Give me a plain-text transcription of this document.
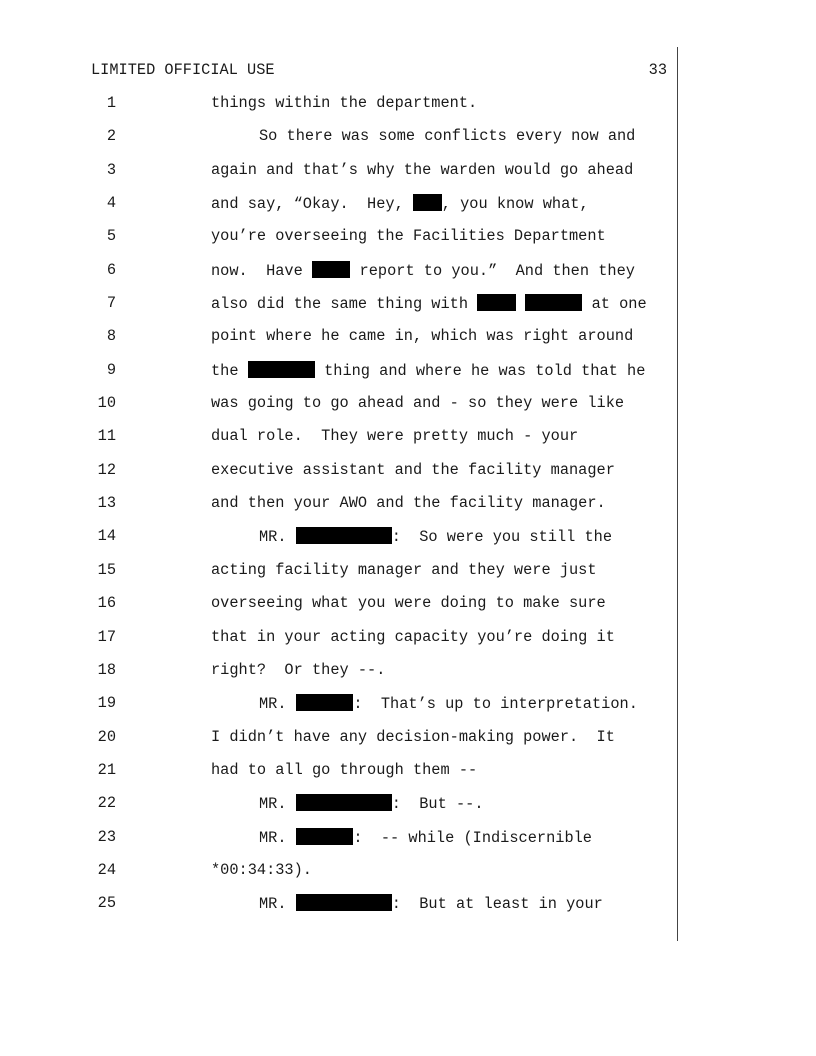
LIMITED OFFICIAL USE	33
1	things within the department.
2	So there was some conflicts every now and
3	again and that’s why the warden would go ahead
4	and say, “Okay.  Hey, , you know what,
5	you’re overseeing the Facilities Department
6	now.  Have	report to you.”  And then they
7	also did the same thing with	at one
8	point where he came in, which was right around
9	the	thing and where he was told that he
10	was going to go ahead and - so they were like
11	dual role.  They were pretty much - your
12	executive assistant and the facility manager
13	and then your AWO and the facility manager.
14	MR.	:  So were you still the
15	acting facility manager and they were just
16	overseeing what you were doing to make sure
17	that in your acting capacity you’re doing it
18	right?  Or they --.
19	MR.	:  That’s up to interpretation.
20	I didn’t have any decision-making power.  It
21	had to all go through them --
22	MR.	:  But --.
23	MR.	:  -- while (Indiscernible
24	*00:34:33).
25	MR.	:  But at least in your
